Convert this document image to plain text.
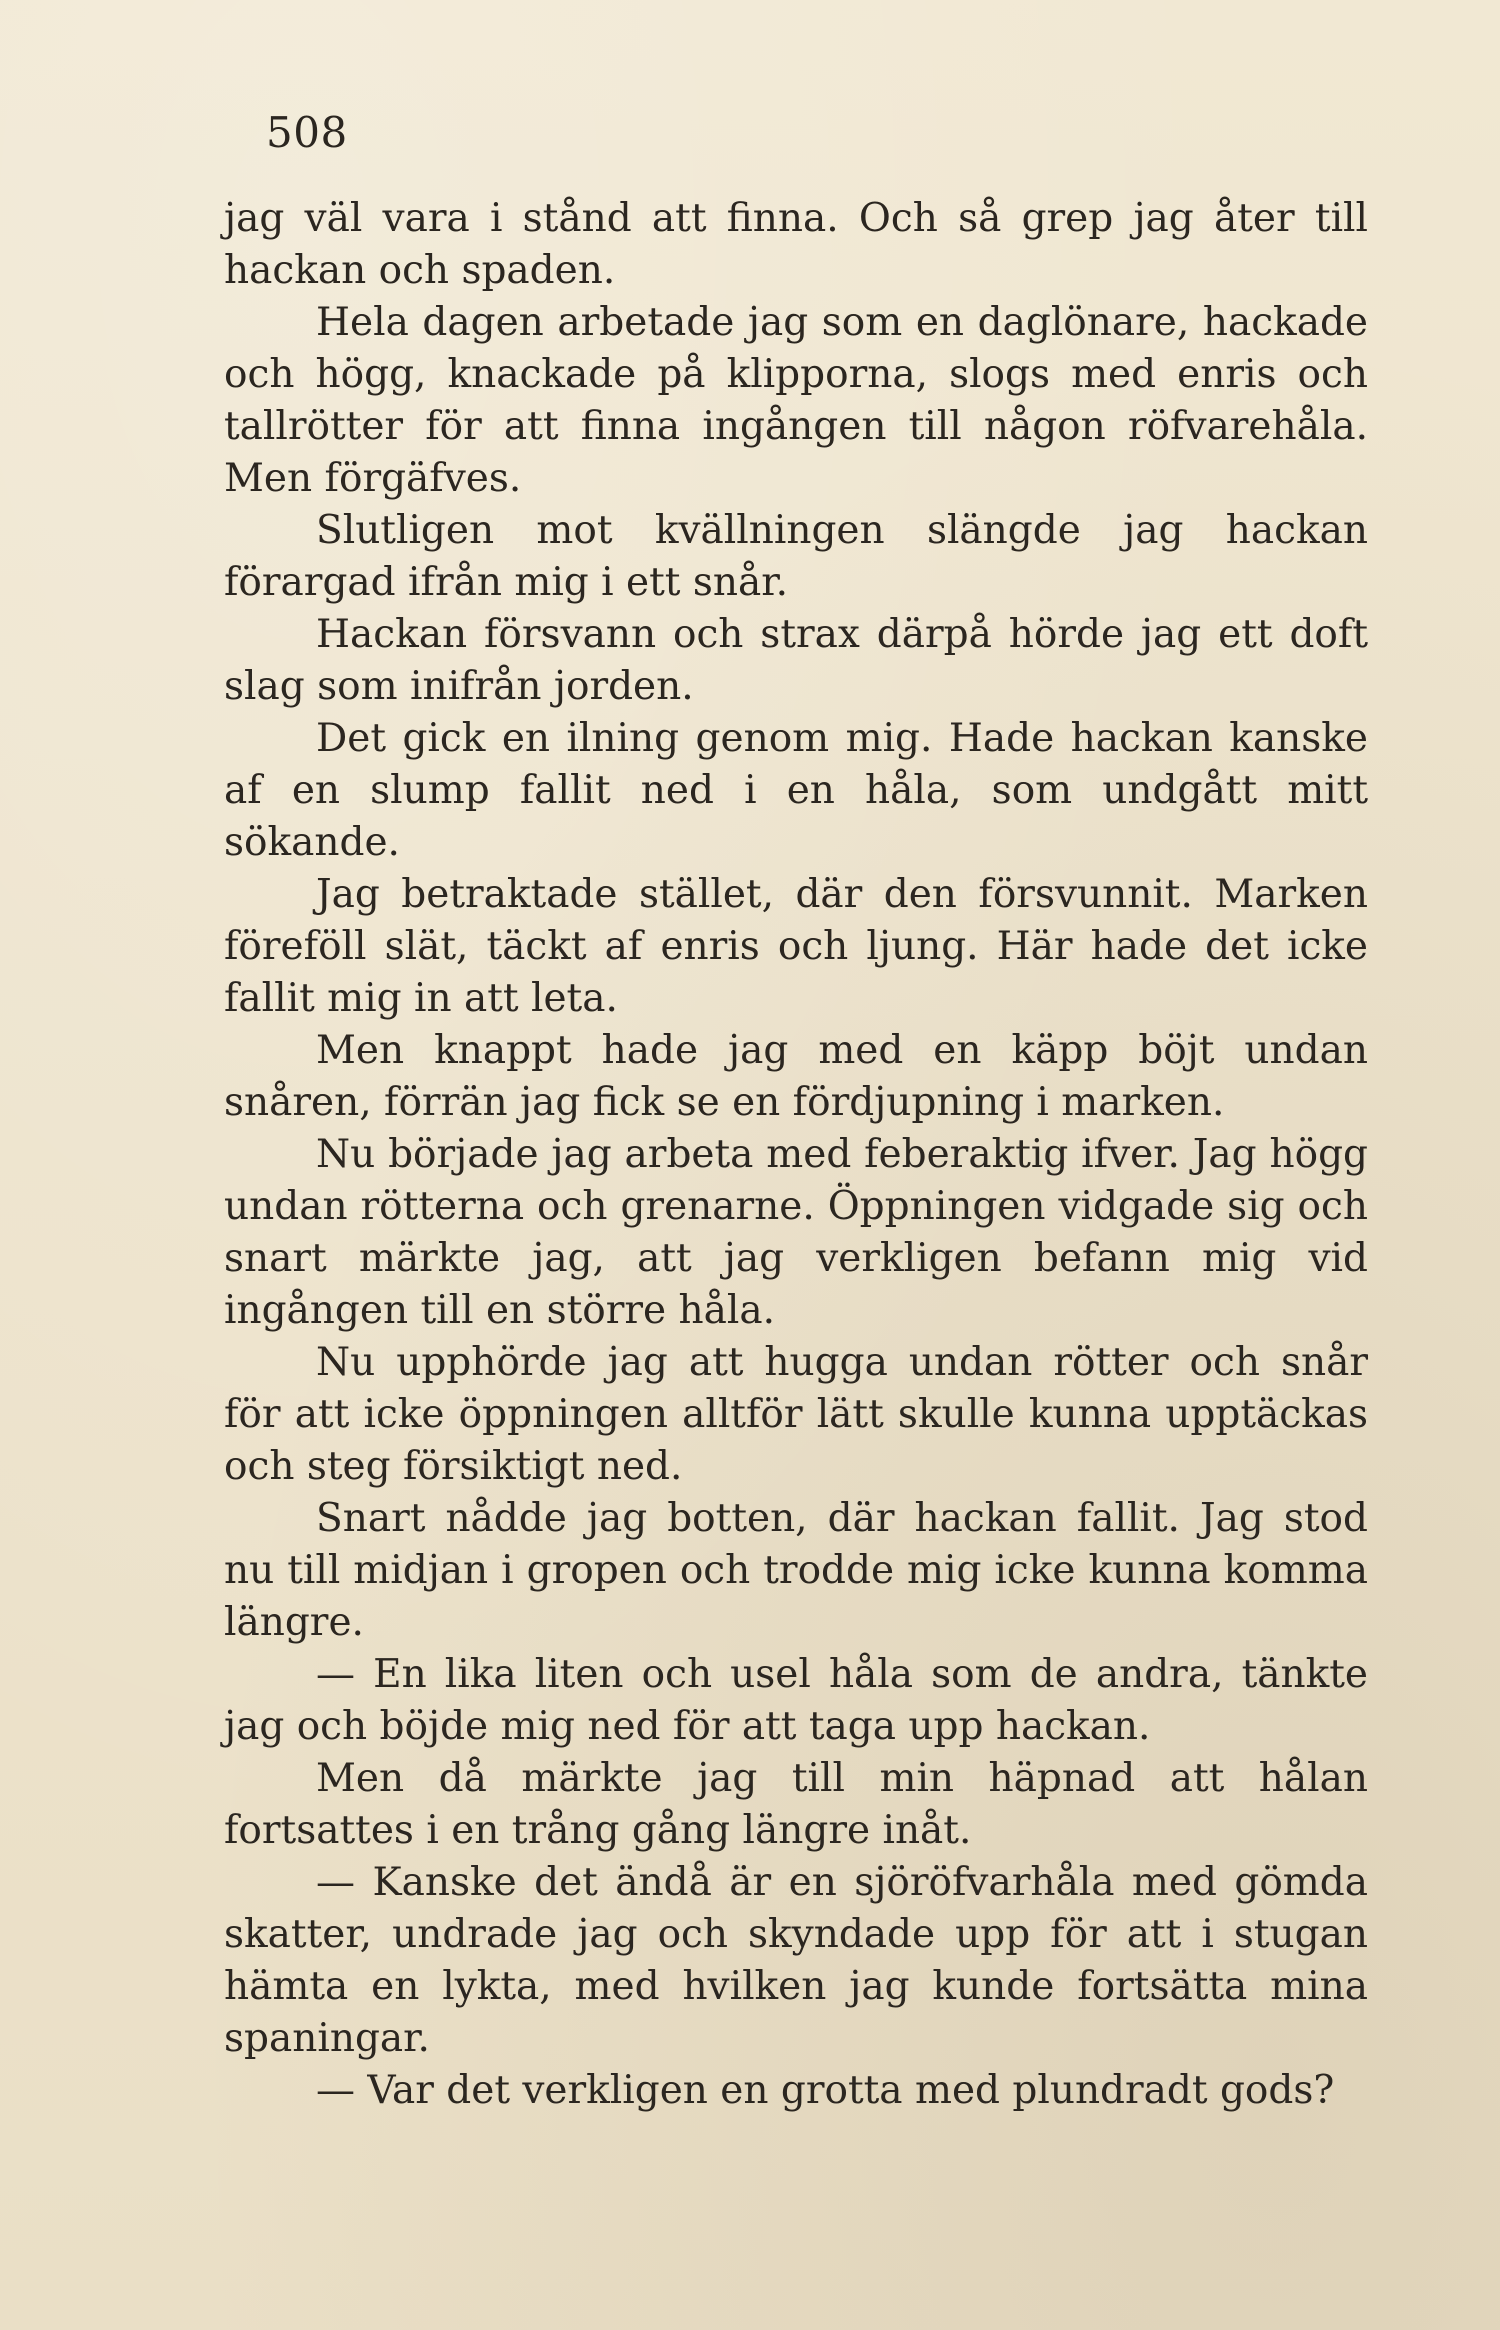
508

jag väl vara i stånd att finna. Och så grep jag åter till hackan och spaden.

Hela dagen arbetade jag som en daglönare, hackade och högg, knackade på klipporna, slogs med enris och tallrötter för att finna ingången till någon röfvarehåla. Men förgäfves.

Slutligen mot kvällningen slängde jag hackan förargad ifrån mig i ett snår.

Hackan försvann och strax därpå hörde jag ett doft slag som inifrån jorden.

Det gick en ilning genom mig. Hade hackan kanske af en slump fallit ned i en håla, som undgått mitt sökande.

Jag betraktade stället, där den försvunnit. Marken föreföll slät, täckt af enris och ljung. Här hade det icke fallit mig in att leta.

Men knappt hade jag med en käpp böjt undan snåren, förrän jag fick se en fördjupning i marken.

Nu började jag arbeta med feberaktig ifver. Jag högg undan rötterna och grenarne. Öppningen vidgade sig och snart märkte jag, att jag verkligen befann mig vid ingången till en större håla.

Nu upphörde jag att hugga undan rötter och snår för att icke öppningen alltför lätt skulle kunna upptäckas och steg försiktigt ned.

Snart nådde jag botten, där hackan fallit. Jag stod nu till midjan i gropen och trodde mig icke kunna komma längre.

— En lika liten och usel håla som de andra, tänkte jag och böjde mig ned för att taga upp hackan.

Men då märkte jag till min häpnad att hålan fortsattes i en trång gång längre inåt.

— Kanske det ändå är en sjöröfvarhåla med gömda skatter, undrade jag och skyndade upp för att i stugan hämta en lykta, med hvilken jag kunde fortsätta mina spaningar.

— Var det verkligen en grotta med plundradt gods?
